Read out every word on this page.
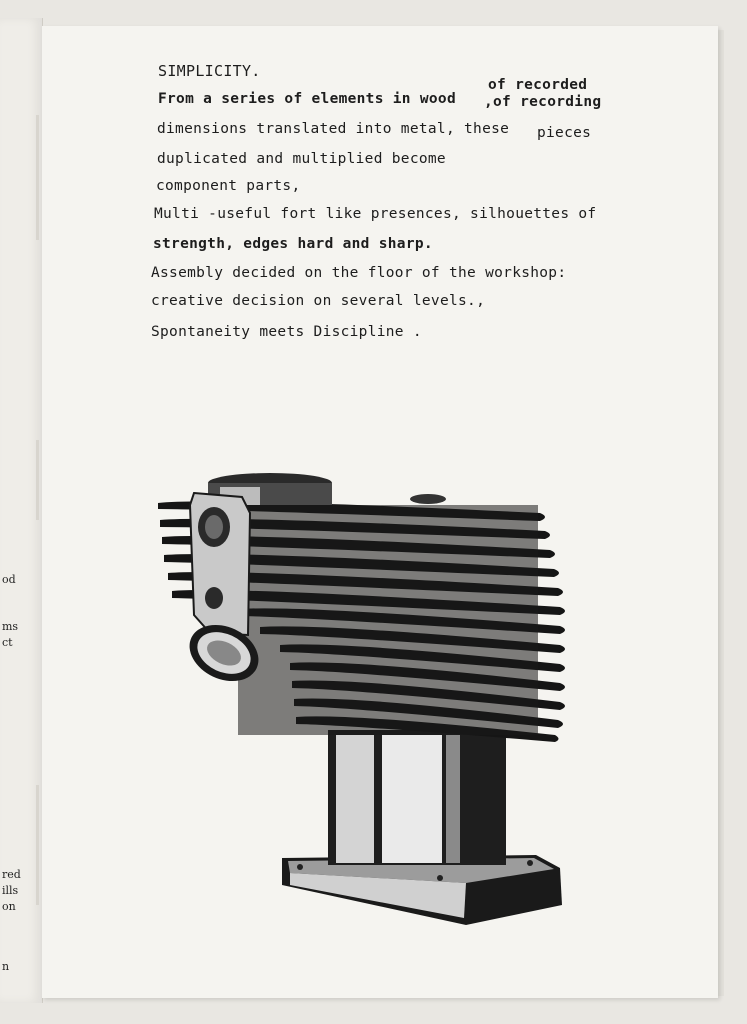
od
ms
ct
red
ills
on
n
SIMPLICITY.
From a series of elements in wood ,of recording
of recorded
dimensions translated into metal, these pieces
duplicated and multiplied become
component parts,
Multi -useful fort like presences, silhouettes of
strength, edges hard and sharp.
Assembly decided on the floor of the workshop:
creative decision on several levels.,
Spontaneity meets Discipline .
